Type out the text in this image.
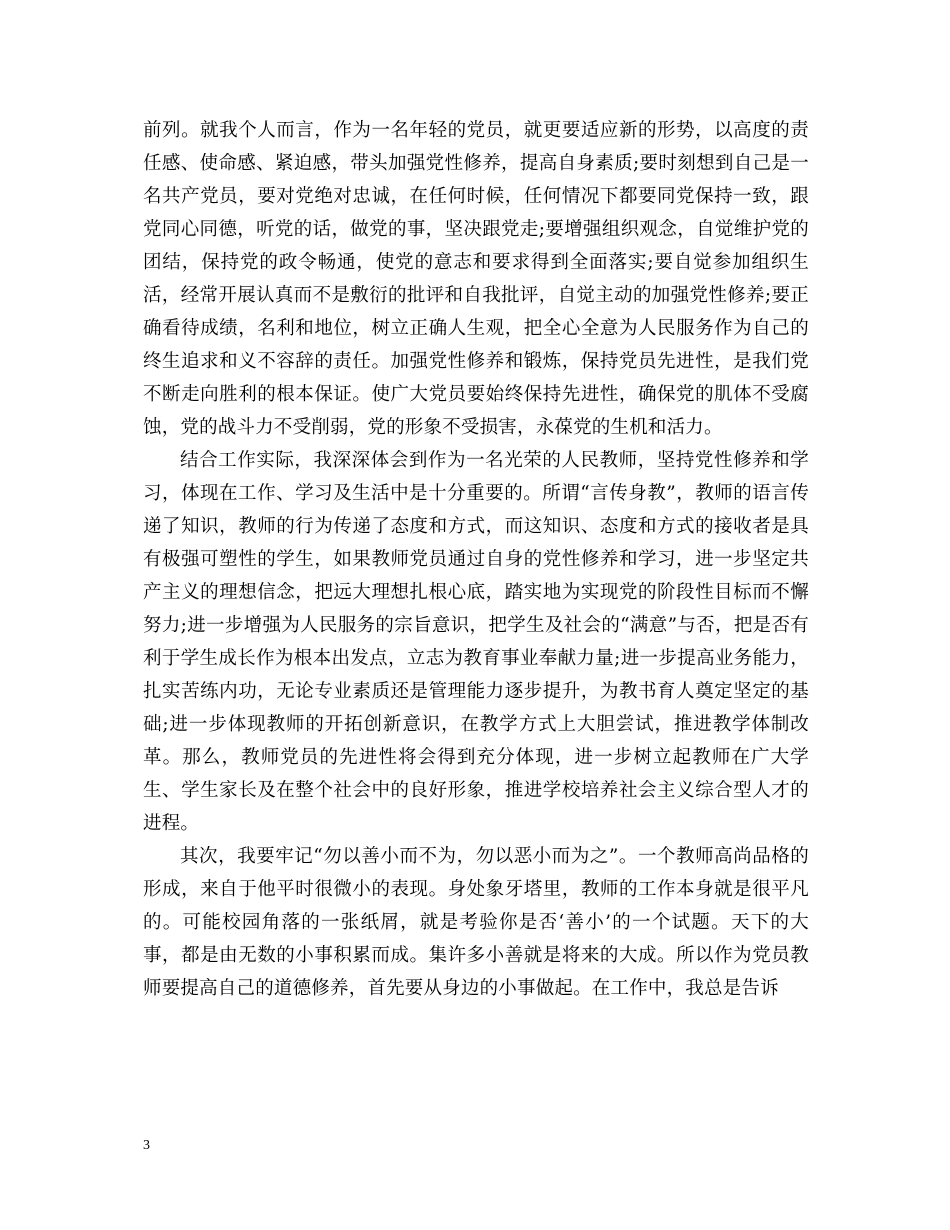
前列。就我个人而言，作为一名年轻的党员，就更要适应新的形势，以高度的责任感、使命感、紧迫感，带头加强党性修养，提高自身素质;要时刻想到自己是一名共产党员，要对党绝对忠诚，在任何时候，任何情况下都要同党保持一致，跟党同心同德，听党的话，做党的事，坚决跟党走;要增强组织观念，自觉维护党的团结，保持党的政令畅通，使党的意志和要求得到全面落实;要自觉参加组织生活，经常开展认真而不是敷衍的批评和自我批评，自觉主动的加强党性修养;要正确看待成绩，名利和地位，树立正确人生观，把全心全意为人民服务作为自己的终生追求和义不容辞的责任。加强党性修养和锻炼，保持党员先进性，是我们党不断走向胜利的根本保证。使广大党员要始终保持先进性，确保党的肌体不受腐蚀，党的战斗力不受削弱，党的形象不受损害，永葆党的生机和活力。

结合工作实际，我深深体会到作为一名光荣的人民教师，坚持党性修养和学习，体现在工作、学习及生活中是十分重要的。所谓“言传身教”，教师的语言传递了知识，教师的行为传递了态度和方式，而这知识、态度和方式的接收者是具有极强可塑性的学生，如果教师党员通过自身的党性修养和学习，进一步坚定共产主义的理想信念，把远大理想扎根心底，踏实地为实现党的阶段性目标而不懈努力;进一步增强为人民服务的宗旨意识，把学生及社会的“满意”与否，把是否有利于学生成长作为根本出发点，立志为教育事业奉献力量;进一步提高业务能力，扎实苦练内功，无论专业素质还是管理能力逐步提升，为教书育人奠定坚定的基础;进一步体现教师的开拓创新意识，在教学方式上大胆尝试，推进教学体制改革。那么，教师党员的先进性将会得到充分体现，进一步树立起教师在广大学生、学生家长及在整个社会中的良好形象，推进学校培养社会主义综合型人才的进程。

其次，我要牢记“勿以善小而不为，勿以恶小而为之”。一个教师高尚品格的形成，来自于他平时很微小的表现。身处象牙塔里，教师的工作本身就是很平凡的。可能校园角落的一张纸屑，就是考验你是否‘善小’的一个试题。天下的大事，都是由无数的小事积累而成。集许多小善就是将来的大成。所以作为党员教师要提高自己的道德修养，首先要从身边的小事做起。在工作中，我总是告诉

3
